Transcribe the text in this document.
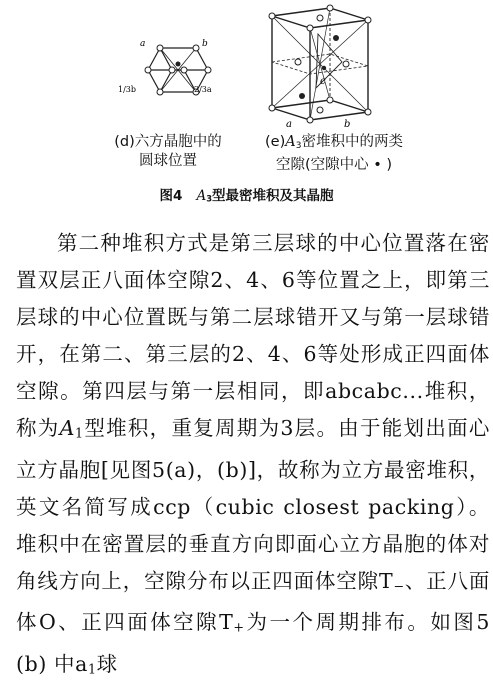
a	b
1/3b	2/3a
c
a	b
(d)六方晶胞中的
圆球位置
$(e)A_3$密堆积中的两类
空隙(空隙中心 • )
图4 $A_3$型最密堆积及其晶胞

第二种堆积方式是第三层球的中心位置落在密置双层正八面体空隙2、4、6等位置之上，即第三层球的中心位置既与第二层球错开又与第一层球错开，在第二、第三层的2、4、6等处形成正四面体空隙。第四层与第一层相同，即abcabc...堆积，称为A1型堆积，重复周期为3层。由于能划出面心立方晶胞[见图5(a)，(b)]，故称为立方最密堆积，英文名简写成ccp（cubic closest packing）。堆积中在密置层的垂直方向即面心立方晶胞的体对角线方向上，空隙分布以正四面体空隙T−、正八面体O、正四面体空隙T+为一个周期排布。如图5 (b) 中a1球
